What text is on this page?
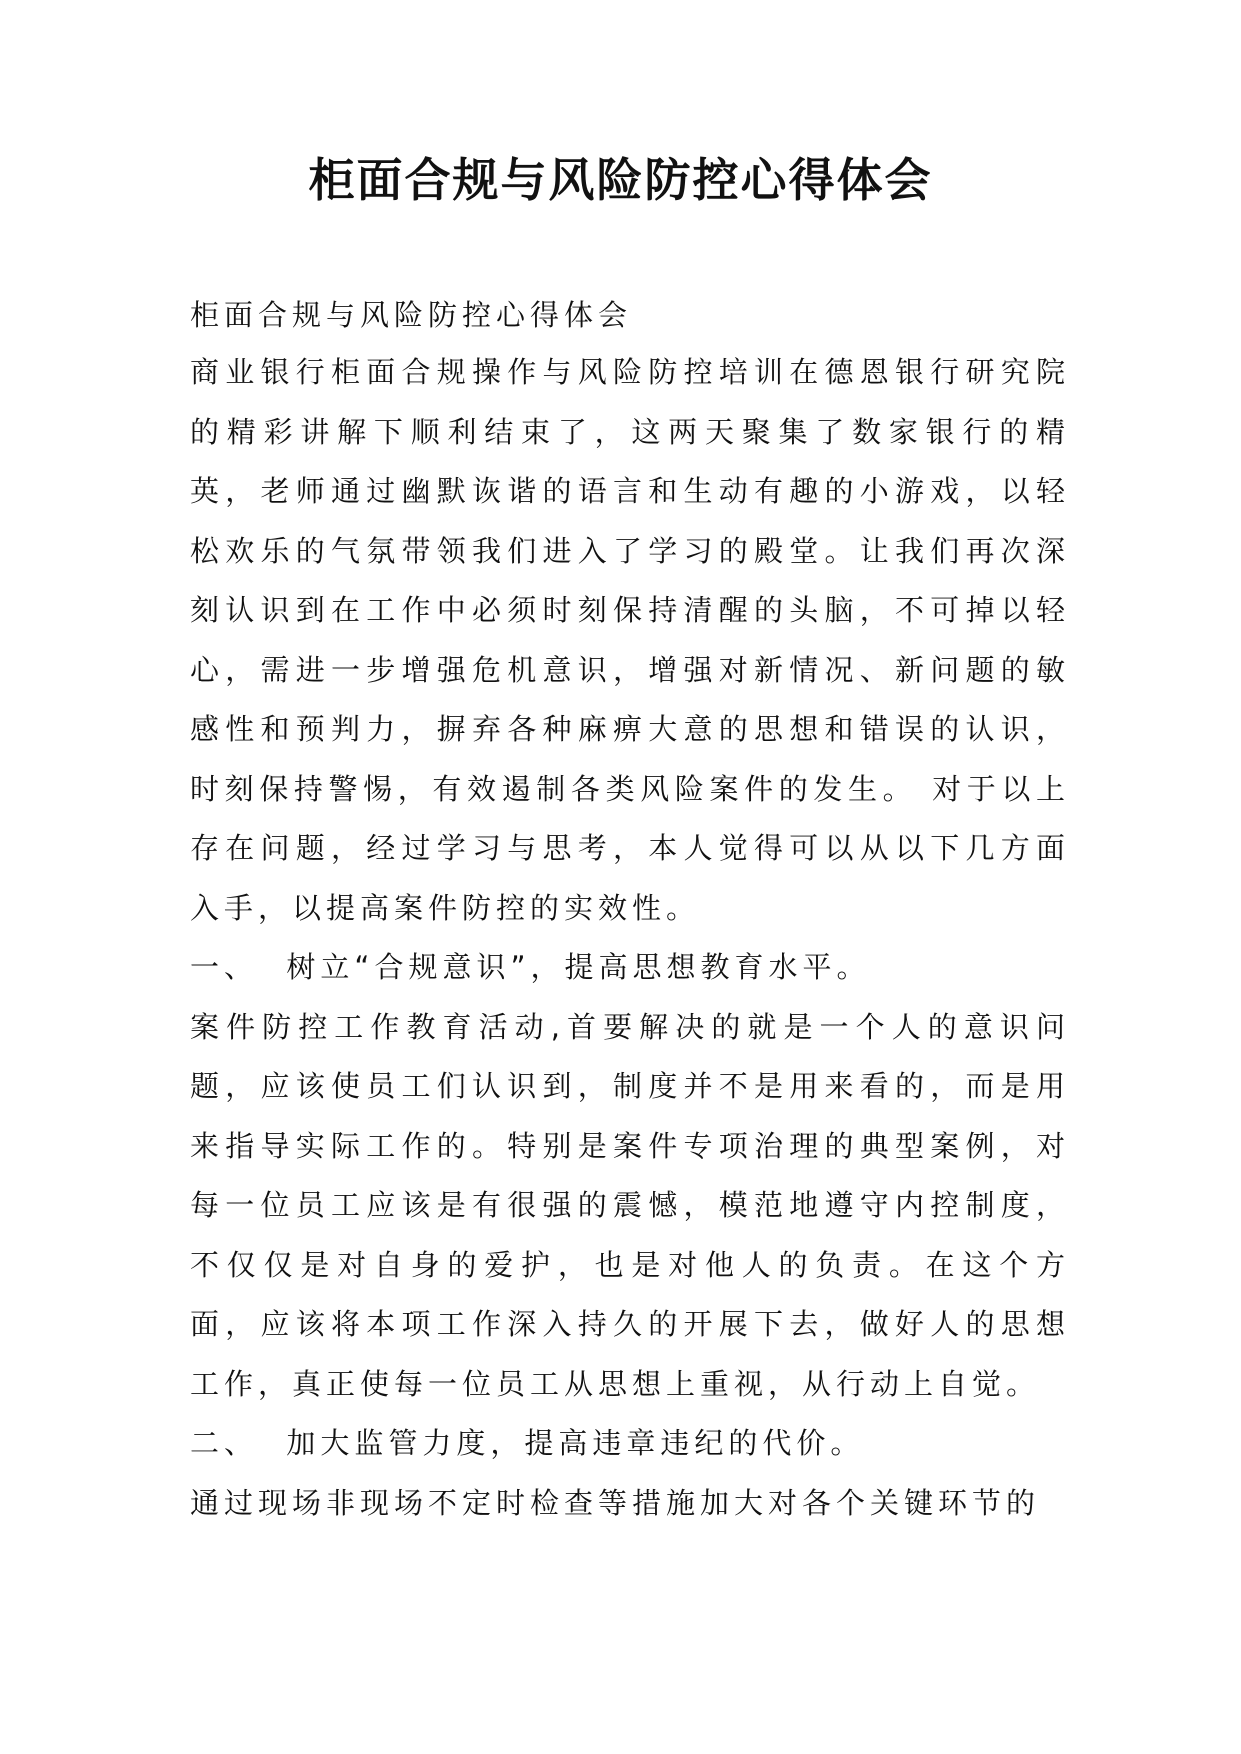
柜面合规与风险防控心得体会

柜面合规与风险防控心得体会

商业银行柜面合规操作与风险防控培训在德恩银行研究院的精彩讲解下顺利结束了，这两天聚集了数家银行的精英，老师通过幽默诙谐的语言和生动有趣的小游戏，以轻松欢乐的气氛带领我们进入了学习的殿堂。让我们再次深刻认识到在工作中必须时刻保持清醒的头脑，不可掉以轻心，需进一步增强危机意识，增强对新情况、新问题的敏感性和预判力，摒弃各种麻痹大意的思想和错误的认识，时刻保持警惕，有效遏制各类风险案件的发生。 对于以上存在问题，经过学习与思考，本人觉得可以从以下几方面入手，以提高案件防控的实效性。

一、  树立“合规意识”，提高思想教育水平。

案件防控工作教育活动,首要解决的就是一个人的意识问题，应该使员工们认识到，制度并不是用来看的，而是用来指导实际工作的。特别是案件专项治理的典型案例，对每一位员工应该是有很强的震憾，模范地遵守内控制度，不仅仅是对自身的爱护，也是对他人的负责。在这个方面，应该将本项工作深入持久的开展下去，做好人的思想工作，真正使每一位员工从思想上重视，从行动上自觉。

二、  加大监管力度，提高违章违纪的代价。

通过现场非现场不定时检查等措施加大对各个关键环节的
